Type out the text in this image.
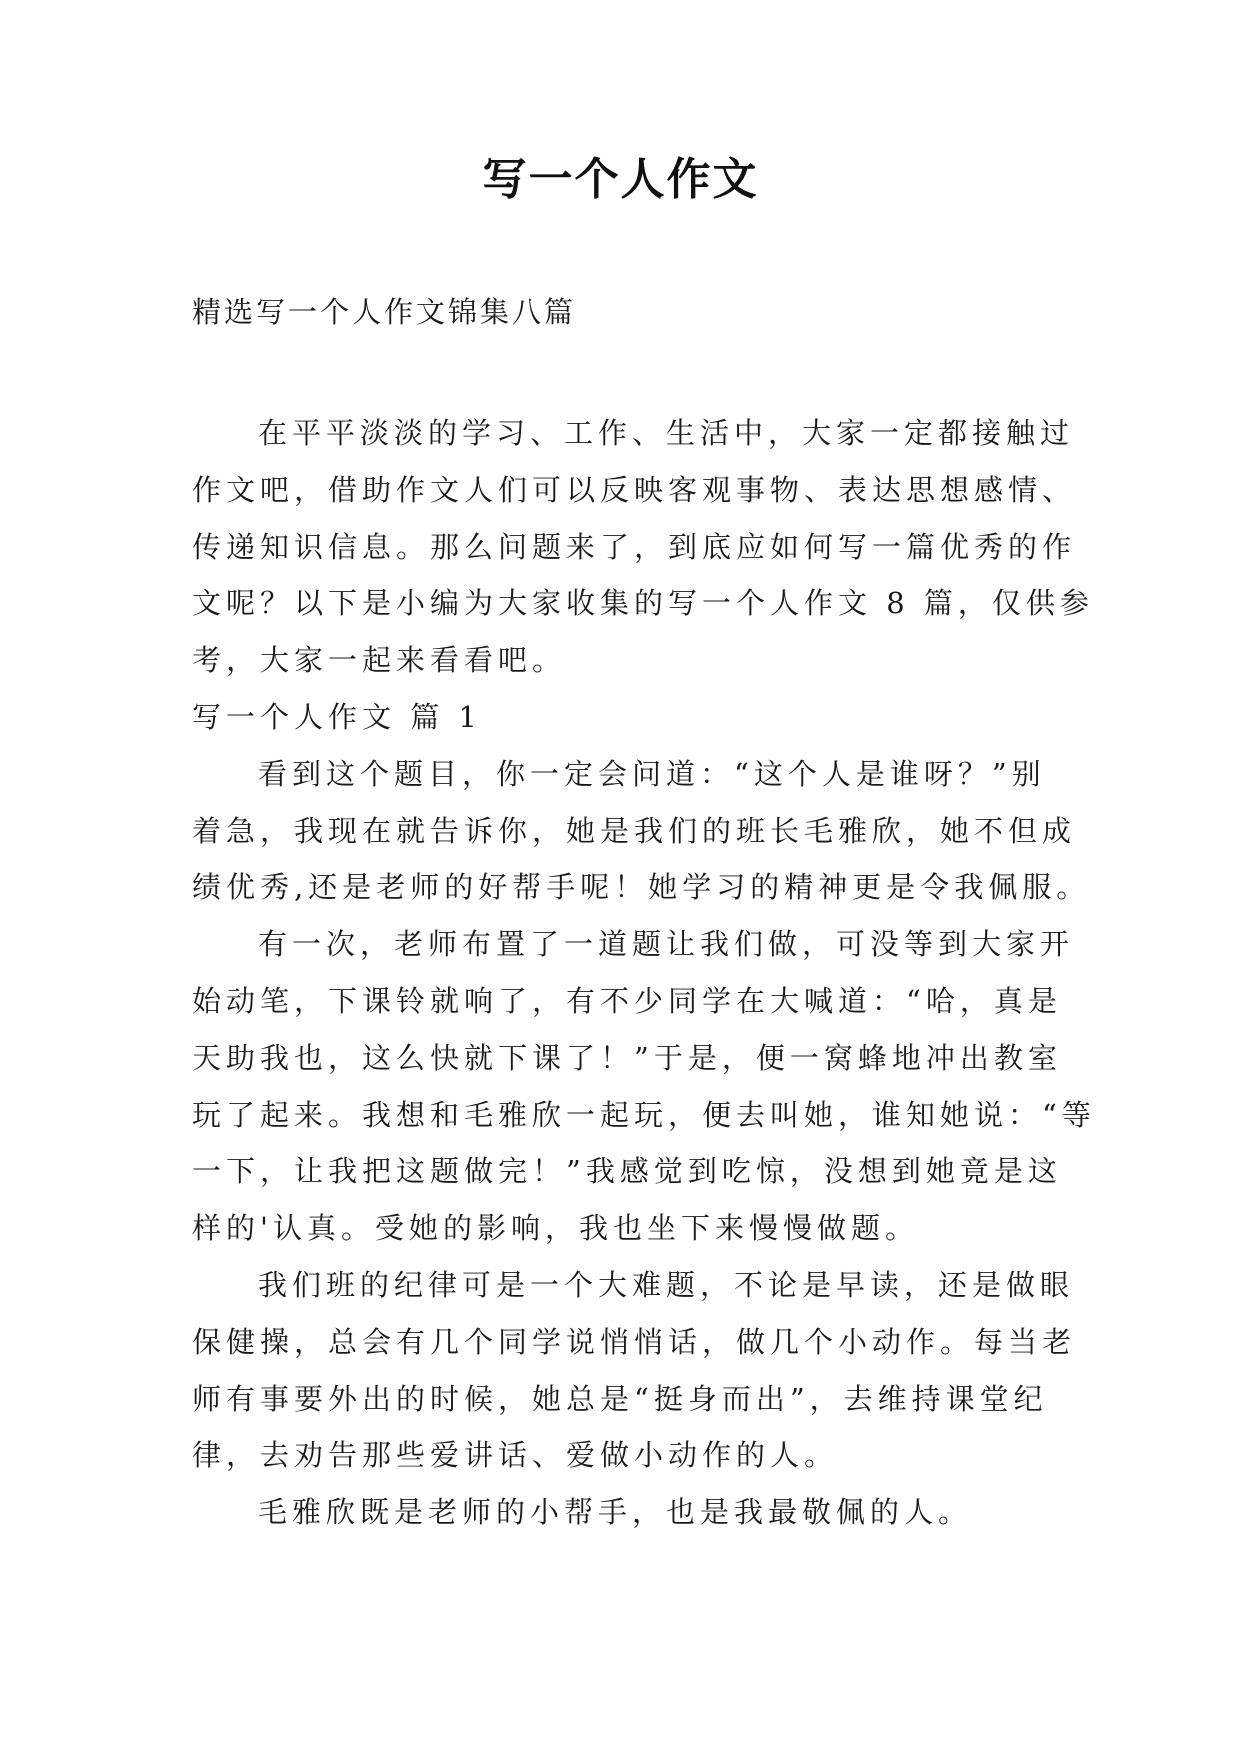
写一个人作文
精选写一个人作文锦集八篇
在平平淡淡的学习、工作、生活中，大家一定都接触过
作文吧，借助作文人们可以反映客观事物、表达思想感情、
传递知识信息。那么问题来了，到底应如何写一篇优秀的作
文呢？以下是小编为大家收集的写一个人作文 8 篇，仅供参
考，大家一起来看看吧。
写一个人作文 篇 1
看到这个题目，你一定会问道：“这个人是谁呀？”别
着急，我现在就告诉你，她是我们的班长毛雅欣，她不但成
绩优秀,还是老师的好帮手呢！她学习的精神更是令我佩服。
有一次，老师布置了一道题让我们做，可没等到大家开
始动笔，下课铃就响了，有不少同学在大喊道：“哈，真是
天助我也，这么快就下课了！”于是，便一窝蜂地冲出教室
玩了起来。我想和毛雅欣一起玩，便去叫她，谁知她说：“等
一下，让我把这题做完！”我感觉到吃惊，没想到她竟是这
样的'认真。受她的影响，我也坐下来慢慢做题。
我们班的纪律可是一个大难题，不论是早读，还是做眼
保健操，总会有几个同学说悄悄话，做几个小动作。每当老
师有事要外出的时候，她总是“挺身而出”，去维持课堂纪
律，去劝告那些爱讲话、爱做小动作的人。
毛雅欣既是老师的小帮手，也是我最敬佩的人。
